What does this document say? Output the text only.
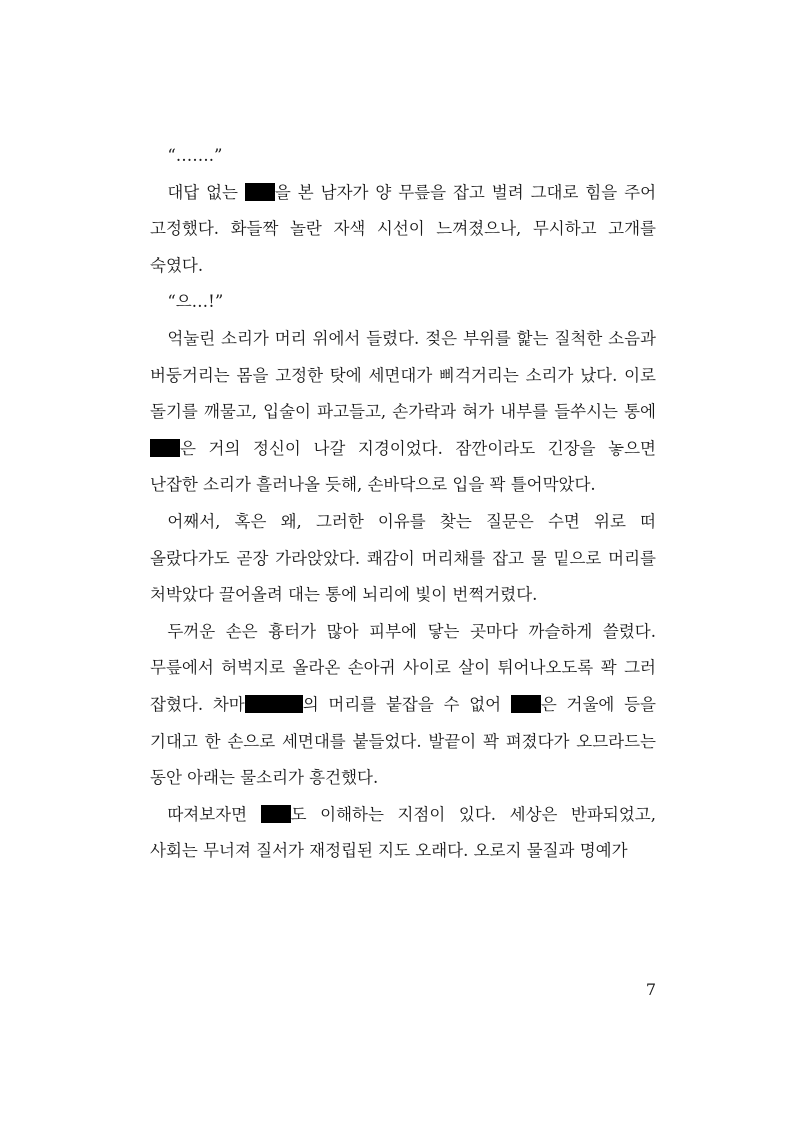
“…….”

대답 없는 을 본 남자가 양 무릎을 잡고 벌려 그대로 힘을 주어 고정했다. 화들짝 놀란 자색 시선이 느껴졌으나, 무시하고 고개를 숙였다.

“으…!”

억눌린 소리가 머리 위에서 들렸다. 젖은 부위를 핥는 질척한 소음과 버둥거리는 몸을 고정한 탓에 세면대가 삐걱거리는 소리가 났다. 이로 돌기를 깨물고, 입술이 파고들고, 손가락과 혀가 내부를 들쑤시는 통에 은 거의 정신이 나갈 지경이었다. 잠깐이라도 긴장을 놓으면 난잡한 소리가 흘러나올 듯해, 손바닥으로 입을 꽉 틀어막았다.

어째서, 혹은 왜, 그러한 이유를 찾는 질문은 수면 위로 떠 올랐다가도 곧장 가라앉았다. 쾌감이 머리채를 잡고 물 밑으로 머리를 처박았다 끌어올려 대는 통에 뇌리에 빛이 번쩍거렸다.

두꺼운 손은 흉터가 많아 피부에 닿는 곳마다 까슬하게 쓸렸다. 무릎에서 허벅지로 올라온 손아귀 사이로 살이 튀어나오도록 꽉 그러 잡혔다. 차마	의 머리를 붙잡을 수 없어 은 거울에 등을 기대고 한 손으로 세면대를 붙들었다. 발끝이 꽉 펴졌다가 오므라드는 동안 아래는 물소리가 흥건했다.

따져보자면 도 이해하는 지점이 있다. 세상은 반파되었고, 사회는 무너져 질서가 재정립된 지도 오래다. 오로지 물질과 명예가

7
